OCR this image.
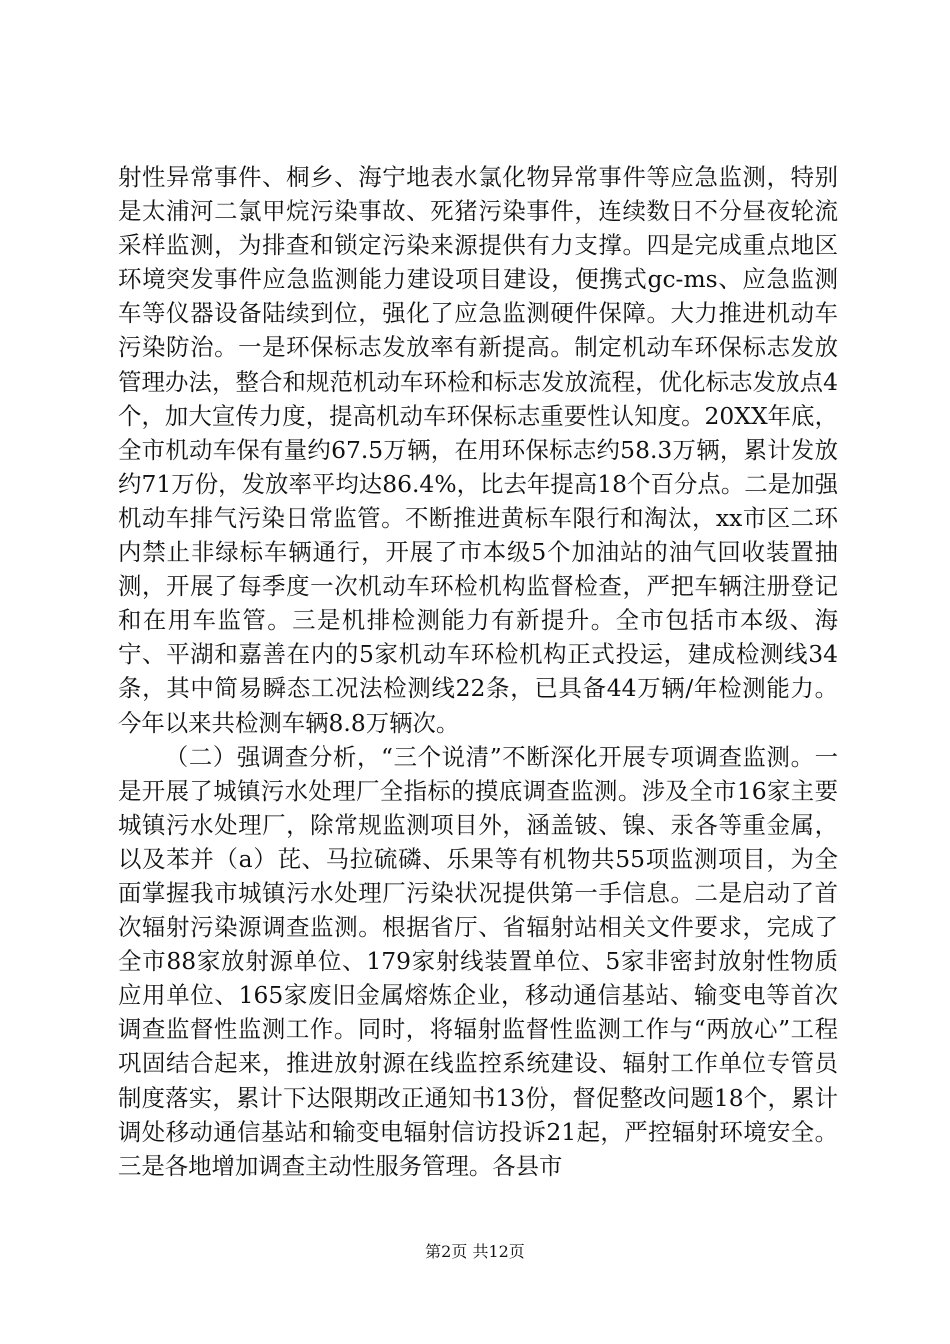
射性异常事件、桐乡、海宁地表水氯化物异常事件等应急监测，特别是太浦河二氯甲烷污染事故、死猪污染事件，连续数日不分昼夜轮流采样监测，为排查和锁定污染来源提供有力支撑。四是完成重点地区环境突发事件应急监测能力建设项目建设，便携式gc-ms、应急监测车等仪器设备陆续到位，强化了应急监测硬件保障。大力推进机动车污染防治。一是环保标志发放率有新提高。制定机动车环保标志发放管理办法，整合和规范机动车环检和标志发放流程，优化标志发放点4个，加大宣传力度，提高机动车环保标志重要性认知度。20XX年底，全市机动车保有量约67.5万辆，在用环保标志约58.3万辆，累计发放约71万份，发放率平均达86.4%，比去年提高18个百分点。二是加强机动车排气污染日常监管。不断推进黄标车限行和淘汰，xx市区二环内禁止非绿标车辆通行，开展了市本级5个加油站的油气回收装置抽测，开展了每季度一次机动车环检机构监督检查，严把车辆注册登记和在用车监管。三是机排检测能力有新提升。全市包括市本级、海宁、平湖和嘉善在内的5家机动车环检机构正式投运，建成检测线34条，其中简易瞬态工况法检测线22条，已具备44万辆/年检测能力。今年以来共检测车辆8.8万辆次。

（二）强调查分析，“三个说清”不断深化开展专项调查监测。一是开展了城镇污水处理厂全指标的摸底调查监测。涉及全市16家主要城镇污水处理厂，除常规监测项目外，涵盖铍、镍、汞各等重金属，以及苯并（a）芘、马拉硫磷、乐果等有机物共55项监测项目，为全面掌握我市城镇污水处理厂污染状况提供第一手信息。二是启动了首次辐射污染源调查监测。根据省厅、省辐射站相关文件要求，完成了全市88家放射源单位、179家射线装置单位、5家非密封放射性物质应用单位、165家废旧金属熔炼企业，移动通信基站、输变电等首次调查监督性监测工作。同时，将辐射监督性监测工作与“两放心”工程巩固结合起来，推进放射源在线监控系统建设、辐射工作单位专管员制度落实，累计下达限期改正通知书13份，督促整改问题18个，累计调处移动通信基站和输变电辐射信访投诉21起，严控辐射环境安全。三是各地增加调查主动性服务管理。各县市

第2页 共12页
